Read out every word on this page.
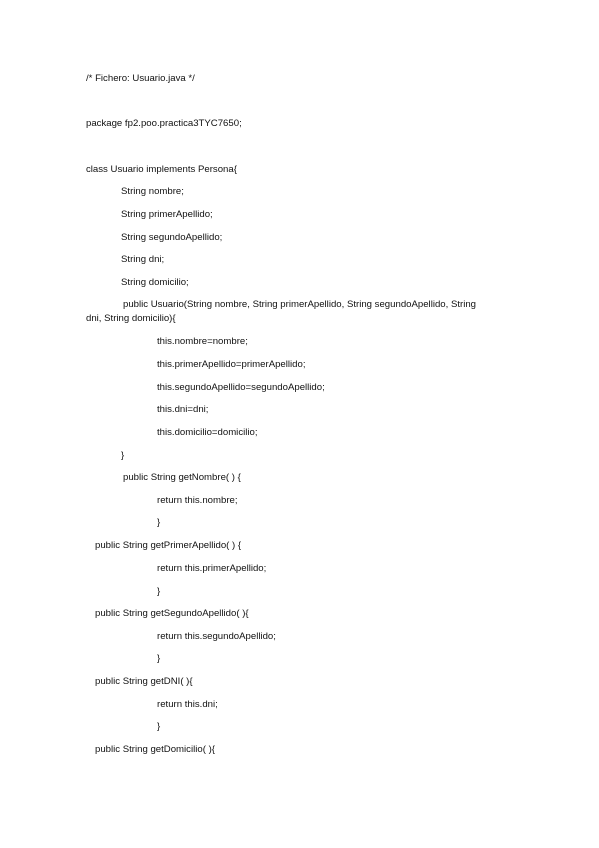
/* Fichero: Usuario.java */
package fp2.poo.practica3TYC7650;
class Usuario implements Persona{
String nombre;
String primerApellido;
String segundoApellido;
String dni;
String domicilio;
public Usuario(String nombre, String primerApellido, String segundoApellido, String
dni, String domicilio){
this.nombre=nombre;
this.primerApellido=primerApellido;
this.segundoApellido=segundoApellido;
this.dni=dni;
this.domicilio=domicilio;
}
public String getNombre( ) {
return this.nombre;
}
public String getPrimerApellido( ) {
return this.primerApellido;
}
public String getSegundoApellido( ){
return this.segundoApellido;
}
public String getDNI( ){
return this.dni;
}
public String getDomicilio( ){
